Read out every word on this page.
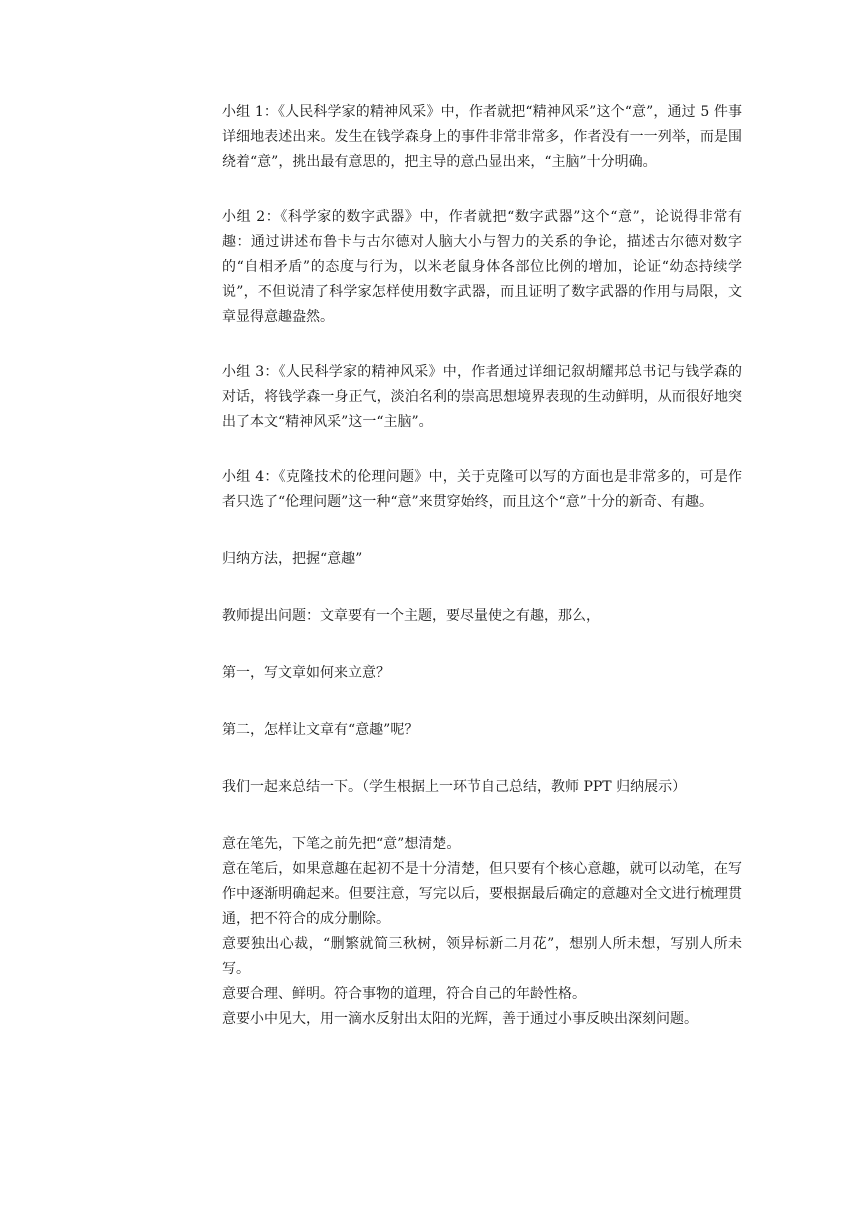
小组 1：《人民科学家的精神风采》中，作者就把“精神风采”这个“意”，通过 5 件事详细地表述出来。发生在钱学森身上的事件非常非常多，作者没有一一列举，而是围绕着“意”，挑出最有意思的，把主导的意凸显出来，“主脑”十分明确。

小组 2：《科学家的数字武器》中，作者就把“数字武器”这个“意”，论说得非常有趣：通过讲述布鲁卡与古尔德对人脑大小与智力的关系的争论，描述古尔德对数字的“自相矛盾”的态度与行为，以米老鼠身体各部位比例的增加，论证“幼态持续学说”，不但说清了科学家怎样使用数字武器，而且证明了数字武器的作用与局限，文章显得意趣盎然。

小组 3：《人民科学家的精神风采》中，作者通过详细记叙胡耀邦总书记与钱学森的对话，将钱学森一身正气，淡泊名利的崇高思想境界表现的生动鲜明，从而很好地突出了本文“精神风采”这一“主脑”。

小组 4：《克隆技术的伦理问题》中，关于克隆可以写的方面也是非常多的，可是作者只选了“伦理问题”这一种“意”来贯穿始终，而且这个“意”十分的新奇、有趣。

归纳方法，把握“意趣”

教师提出问题：文章要有一个主题，要尽量使之有趣，那么，

第一，写文章如何来立意？

第二，怎样让文章有“意趣”呢？

我们一起来总结一下。（学生根据上一环节自己总结，教师 PPT 归纳展示）

意在笔先，下笔之前先把“意”想清楚。

意在笔后，如果意趣在起初不是十分清楚，但只要有个核心意趣，就可以动笔，在写作中逐渐明确起来。但要注意，写完以后，要根据最后确定的意趣对全文进行梳理贯通，把不符合的成分删除。

意要独出心裁，“删繁就简三秋树，领异标新二月花”，想别人所未想，写别人所未写。

意要合理、鲜明。符合事物的道理，符合自己的年龄性格。

意要小中见大，用一滴水反射出太阳的光辉，善于通过小事反映出深刻问题。
